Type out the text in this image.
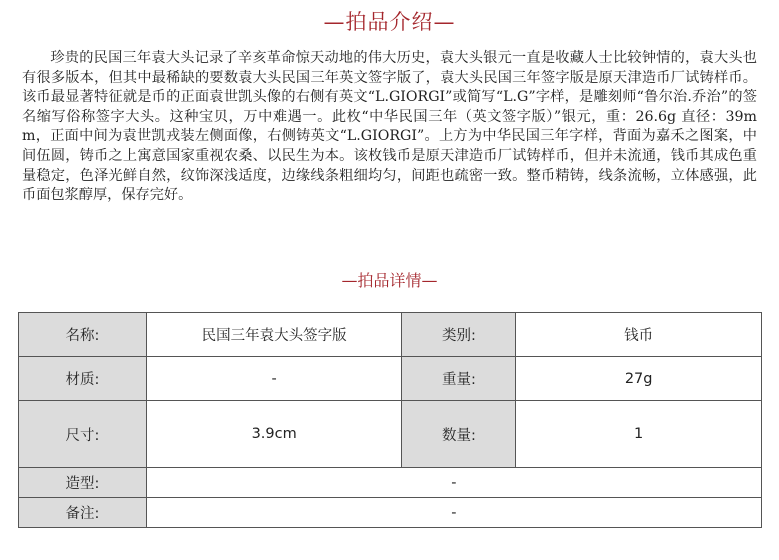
—拍品介绍—

珍贵的民国三年袁大头记录了辛亥革命惊天动地的伟大历史，袁大头银元一直是收藏人士比较钟情的，袁大头也有很多版本，但其中最稀缺的要数袁大头民国三年英文签字版了，袁大头民国三年签字版是原天津造币厂试铸样币。该币最显著特征就是币的正面袁世凯头像的右侧有英文“L.GIORGI”或简写“L.G”字样，是雕刻师“鲁尔治.乔治”的签名缩写俗称签字大头。这种宝贝，万中难遇一。此枚“中华民国三年（英文签字版）”银元，重：26.6g 直径：39mm，正面中间为袁世凯戎装左侧面像，右侧铸英文“L.GIORGI”。上方为中华民国三年字样，背面为嘉禾之图案，中间伍圆，铸币之上寓意国家重视农桑、以民生为本。该枚钱币是原天津造币厂试铸样币，但并未流通，钱币其成色重量稳定，色泽光鲜自然，纹饰深浅适度，边缘线条粗细均匀，间距也疏密一致。整币精铸，线条流畅，立体感强，此币面包浆醇厚，保存完好。

—拍品详情—
名称:	民国三年袁大头签字版	类别:	钱币
材质:	-	重量:	27g
尺寸:	3.9cm	数量:	1
造型:	-		
备注:	-		
